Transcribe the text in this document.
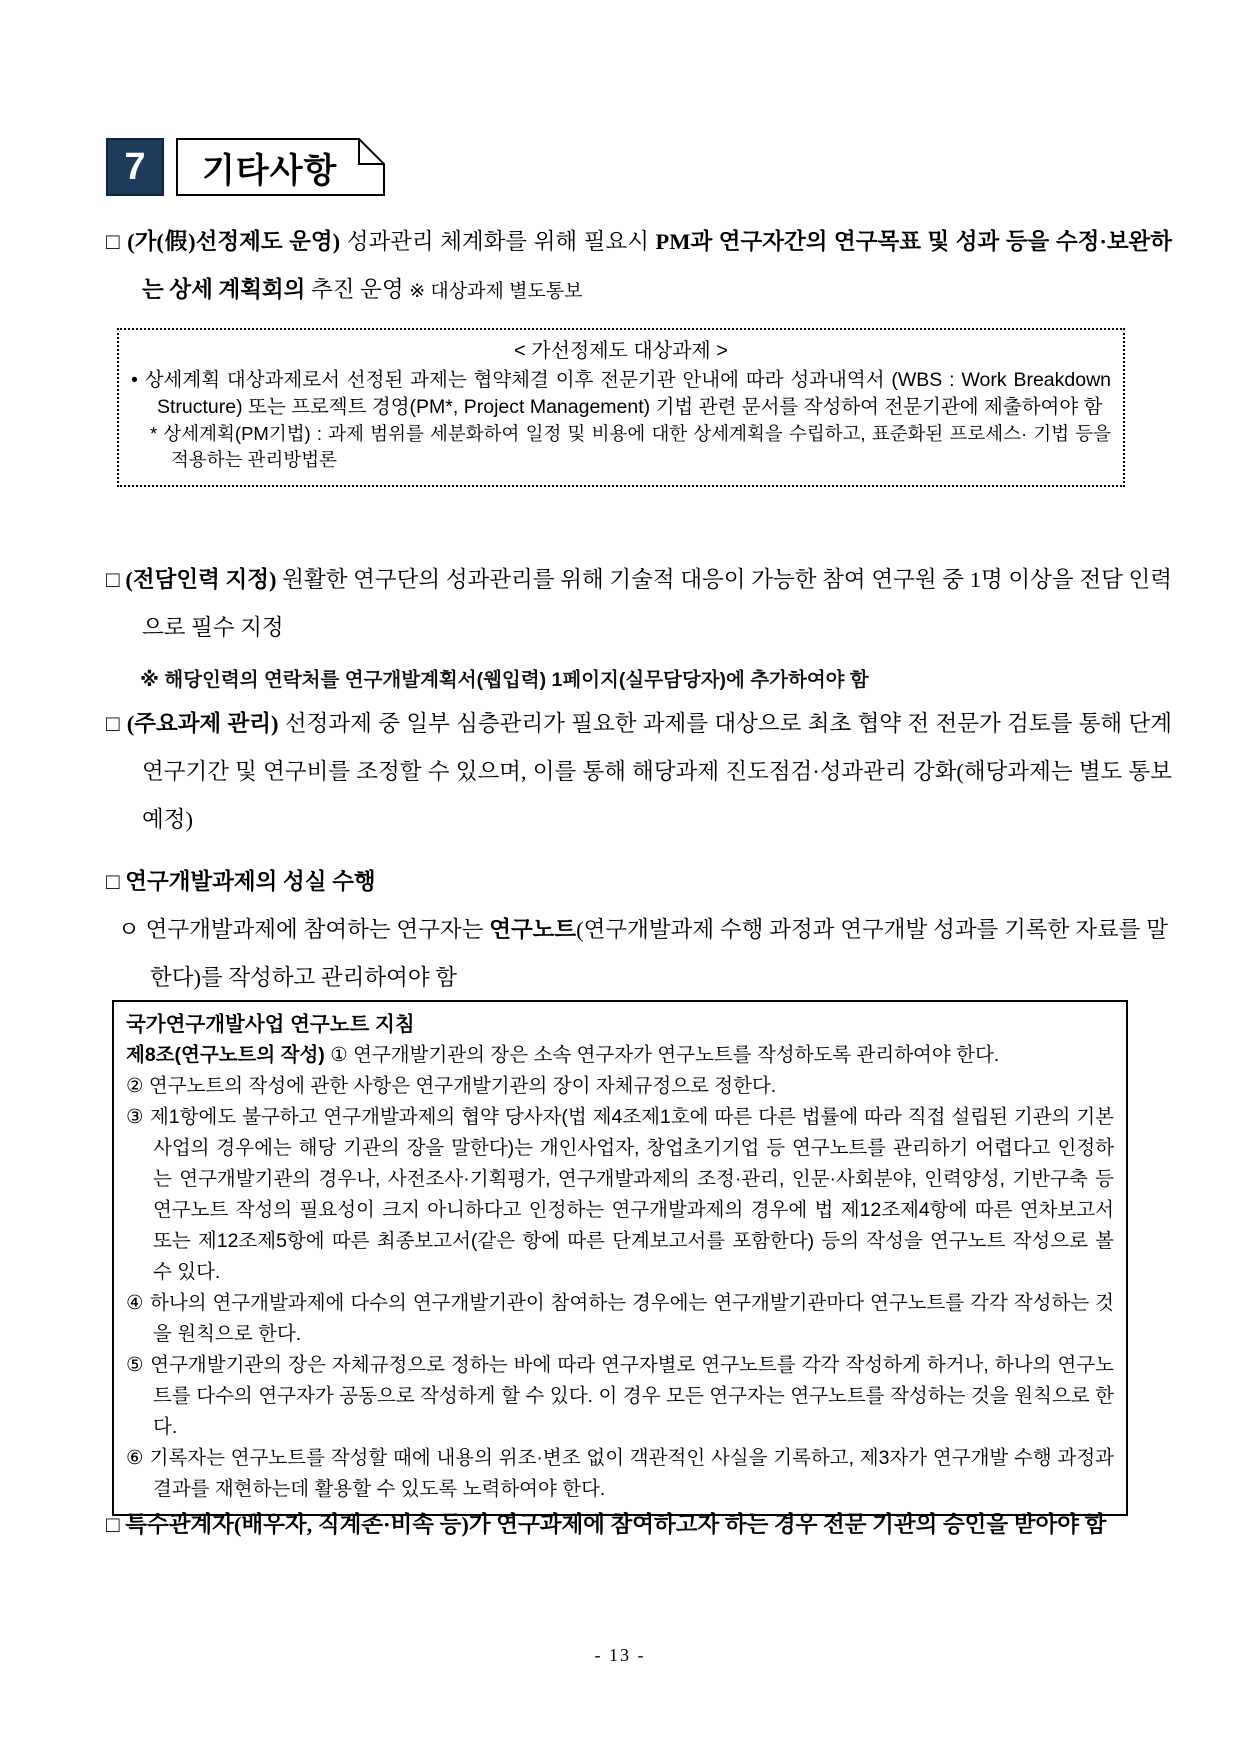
7	기타사항

□ (가(假)선정제도 운영) 성과관리 체계화를 위해 필요시 PM과 연구자간의 연구목표 및 성과 등을 수정·보완하는 상세 계획회의 추진 운영 ※ 대상과제 별도통보

< 가선정제도 대상과제 >

• 상세계획 대상과제로서 선정된 과제는 협약체결 이후 전문기관 안내에 따라 성과내역서 (WBS : Work Breakdown Structure) 또는 프로젝트 경영(PM*, Project Management) 기법 관련 문서를 작성하여 전문기관에 제출하여야 함

* 상세계획(PM기법) : 과제 범위를 세분화하여 일정 및 비용에 대한 상세계획을 수립하고, 표준화된 프로세스· 기법 등을 적용하는 관리방법론

□ (전담인력 지정) 원활한 연구단의 성과관리를 위해 기술적 대응이 가능한 참여 연구원 중 1명 이상을 전담 인력으로 필수 지정

※ 해당인력의 연락처를 연구개발계획서(웹입력) 1페이지(실무담당자)에 추가하여야 함

□ (주요과제 관리) 선정과제 중 일부 심층관리가 필요한 과제를 대상으로 최초 협약 전 전문가 검토를 통해 단계연구기간 및 연구비를 조정할 수 있으며, 이를 통해 해당과제 진도점검·성과관리 강화(해당과제는 별도 통보 예정)

□ 연구개발과제의 성실 수행

ㅇ 연구개발과제에 참여하는 연구자는 연구노트(연구개발과제 수행 과정과 연구개발 성과를 기록한 자료를 말한다)를 작성하고 관리하여야 함

국가연구개발사업 연구노트 지침

제8조(연구노트의 작성) ① 연구개발기관의 장은 소속 연구자가 연구노트를 작성하도록 관리하여야 한다.

② 연구노트의 작성에 관한 사항은 연구개발기관의 장이 자체규정으로 정한다.

③ 제1항에도 불구하고 연구개발과제의 협약 당사자(법 제4조제1호에 따른 다른 법률에 따라 직접 설립된 기관의 기본사업의 경우에는 해당 기관의 장을 말한다)는 개인사업자, 창업초기기업 등 연구노트를 관리하기 어렵다고 인정하는 연구개발기관의 경우나, 사전조사·기획평가, 연구개발과제의 조정·관리, 인문·사회분야, 인력양성, 기반구축 등 연구노트 작성의 필요성이 크지 아니하다고 인정하는 연구개발과제의 경우에 법 제12조제4항에 따른 연차보고서 또는 제12조제5항에 따른 최종보고서(같은 항에 따른 단계보고서를 포함한다) 등의 작성을 연구노트 작성으로 볼 수 있다.

④ 하나의 연구개발과제에 다수의 연구개발기관이 참여하는 경우에는 연구개발기관마다 연구노트를 각각 작성하는 것을 원칙으로 한다.

⑤ 연구개발기관의 장은 자체규정으로 정하는 바에 따라 연구자별로 연구노트를 각각 작성하게 하거나, 하나의 연구노트를 다수의 연구자가 공동으로 작성하게 할 수 있다. 이 경우 모든 연구자는 연구노트를 작성하는 것을 원칙으로 한다.

⑥ 기록자는 연구노트를 작성할 때에 내용의 위조·변조 없이 객관적인 사실을 기록하고, 제3자가 연구개발 수행 과정과 결과를 재현하는데 활용할 수 있도록 노력하여야 한다.

□ 특수관계자(배우자, 직계존·비속 등)가 연구과제에 참여하고자 하는 경우 전문 기관의 승인을 받아야 함

- 13 -
